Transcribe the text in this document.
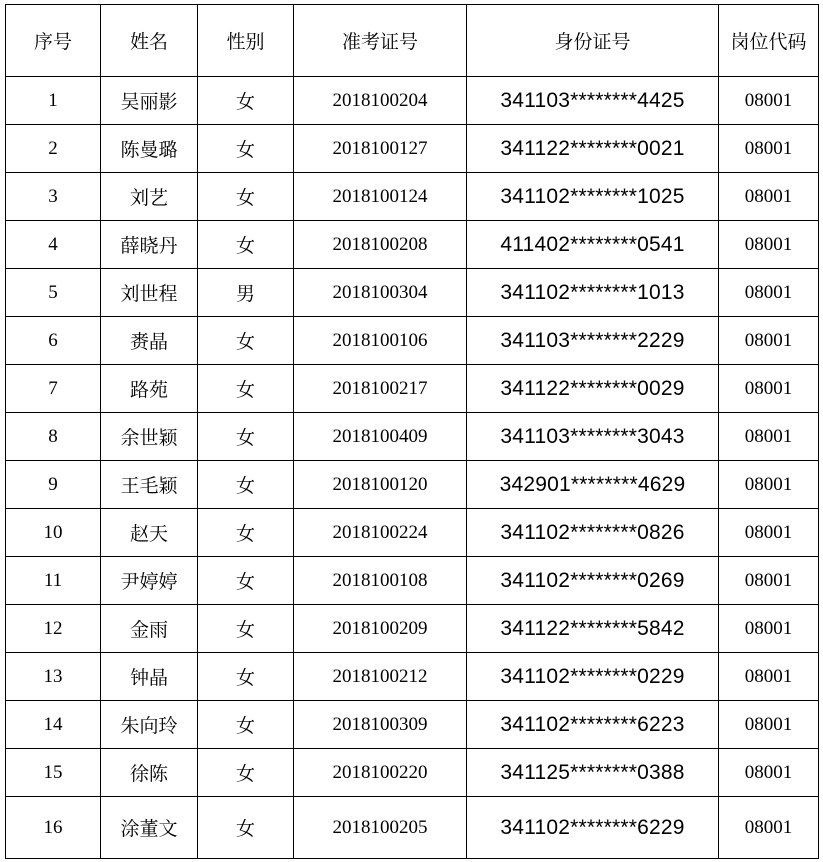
序号	姓名	性别	准考证号	身份证号	岗位代码
1	吴丽影	女	2018100204	341103********4425	08001
2	陈曼璐	女	2018100127	341122********0021	08001
3	刘艺	女	2018100124	341102********1025	08001
4	薛晓丹	女	2018100208	411402********0541	08001
5	刘世程	男	2018100304	341102********1013	08001
6	赉晶	女	2018100106	341103********2229	08001
7	路苑	女	2018100217	341122********0029	08001
8	余世颖	女	2018100409	341103********3043	08001
9	王毛颖	女	2018100120	342901********4629	08001
10	赵天	女	2018100224	341102********0826	08001
11	尹婷婷	女	2018100108	341102********0269	08001
12	金雨	女	2018100209	341122********5842	08001
13	钟晶	女	2018100212	341102********0229	08001
14	朱向玲	女	2018100309	341102********6223	08001
15	徐陈	女	2018100220	341125********0388	08001
16	涂董文	女	2018100205	341102********6229	08001
